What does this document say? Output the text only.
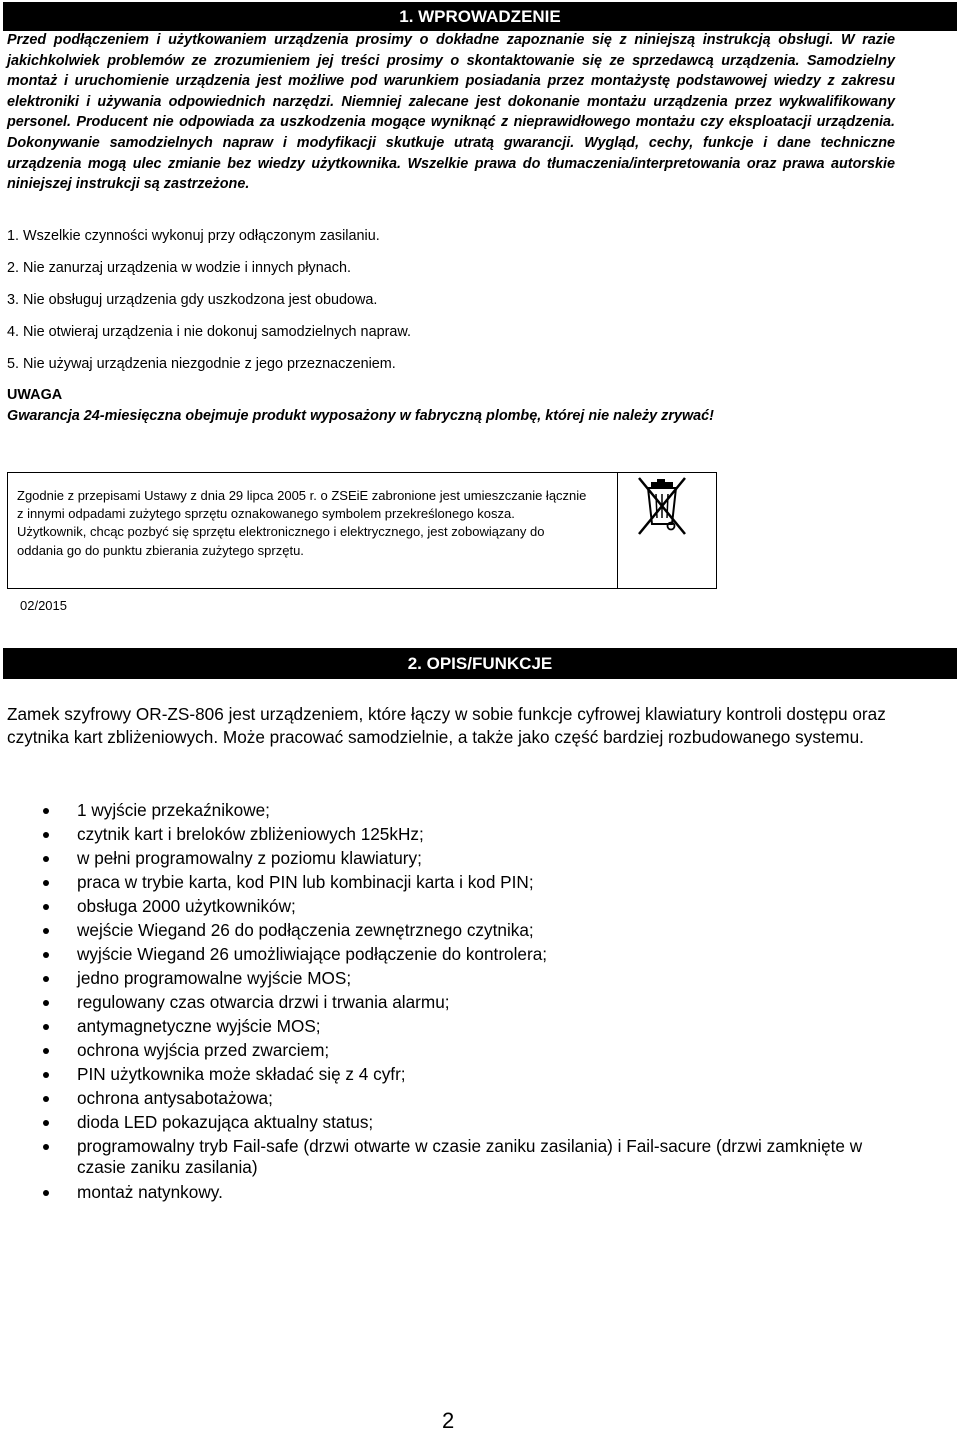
1. WPROWADZENIE

Przed podłączeniem i użytkowaniem urządzenia prosimy o dokładne zapoznanie się z niniejszą instrukcją obsługi. W razie jakichkolwiek problemów ze zrozumieniem jej treści prosimy o skontaktowanie się ze sprzedawcą urządzenia. Samodzielny montaż i uruchomienie urządzenia jest możliwe pod warunkiem posiadania przez montażystę podstawowej wiedzy z zakresu elektroniki i używania odpowiednich narzędzi. Niemniej zalecane jest dokonanie montażu urządzenia przez wykwalifikowany personel. Producent nie odpowiada za uszkodzenia mogące wyniknąć z nieprawidłowego montażu czy eksploatacji urządzenia. Dokonywanie samodzielnych napraw i modyfikacji skutkuje utratą gwarancji. Wygląd, cechy, funkcje i dane techniczne urządzenia mogą ulec zmianie bez wiedzy użytkownika. Wszelkie prawa do tłumaczenia/interpretowania oraz prawa autorskie niniejszej instrukcji są zastrzeżone.

1. Wszelkie czynności wykonuj przy odłączonym zasilaniu.

2. Nie zanurzaj urządzenia w wodzie i innych płynach.

3. Nie obsługuj urządzenia gdy uszkodzona jest obudowa.

4. Nie otwieraj urządzenia i nie dokonuj samodzielnych napraw.

5. Nie używaj urządzenia niezgodnie z jego przeznaczeniem.

UWAGA

Gwarancja 24-miesięczna obejmuje produkt wyposażony w fabryczną plombę, której nie należy zrywać!

Zgodnie z przepisami Ustawy z dnia 29 lipca 2005 r. o ZSEiE zabronione jest umieszczanie łącznie z innymi odpadami zużytego sprzętu oznakowanego symbolem przekreślonego kosza. Użytkownik, chcąc pozbyć się sprzętu elektronicznego i elektrycznego, jest zobowiązany do oddania go do punktu zbierania zużytego sprzętu.

02/2015

2. OPIS/FUNKCJE

Zamek szyfrowy OR-ZS-806 jest urządzeniem, które łączy w sobie funkcje cyfrowej klawiatury kontroli dostępu oraz czytnika kart zbliżeniowych. Może pracować samodzielnie, a także jako część bardziej rozbudowanego systemu.

1 wyjście przekaźnikowe;
czytnik kart i breloków zbliżeniowych 125kHz;
w pełni programowalny z poziomu klawiatury;
praca w trybie karta, kod PIN lub kombinacji karta i kod PIN;
obsługa 2000 użytkowników;
wejście Wiegand 26 do podłączenia zewnętrznego czytnika;
wyjście Wiegand 26 umożliwiające podłączenie do kontrolera;
jedno programowalne wyjście MOS;
regulowany czas otwarcia drzwi i trwania alarmu;
antymagnetyczne wyjście MOS;
ochrona wyjścia przed zwarciem;
PIN użytkownika może składać się z 4 cyfr;
ochrona antysabotażowa;
dioda LED pokazująca aktualny status;
programowalny tryb Fail-safe (drzwi otwarte w czasie zaniku zasilania) i Fail-sacure (drzwi zamknięte w czasie zaniku zasilania)
montaż natynkowy.

2
